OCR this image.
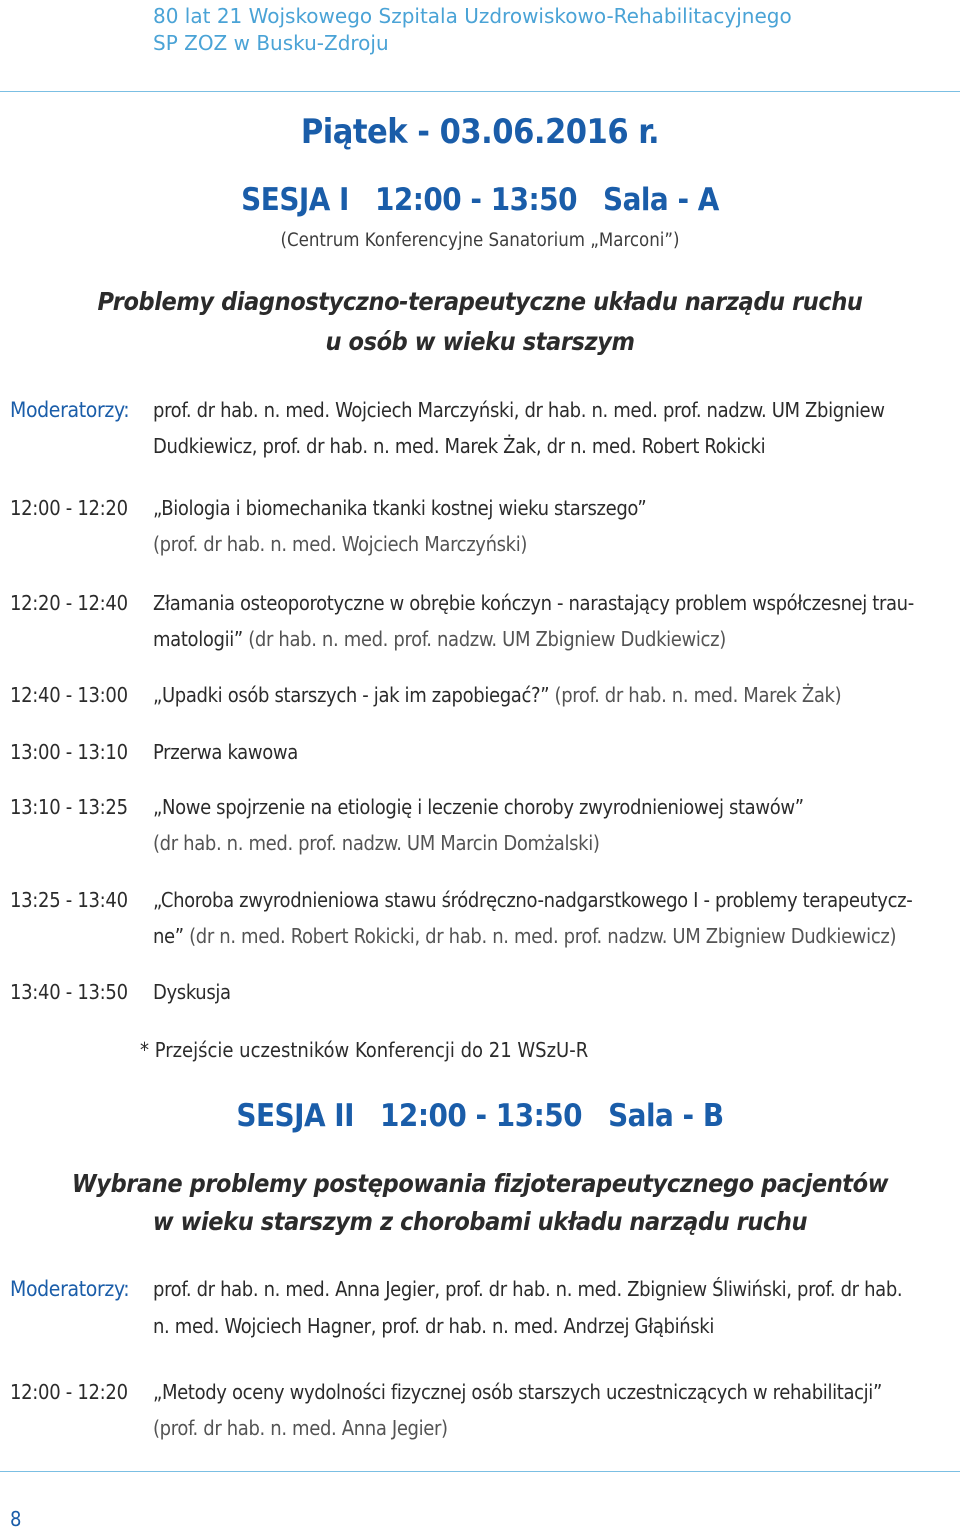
80 lat 21 Wojskowego Szpitala Uzdrowiskowo-Rehabilitacyjnego
SP ZOZ w Busku-Zdroju
Piątek - 03.06.2016 r.
SESJA I 12:00 - 13:50 Sala - A
(Centrum Konferencyjne Sanatorium „Marconi”)
Problemy diagnostyczno-terapeutyczne układu narządu ruchu
u osób w wieku starszym
Moderatorzy: prof. dr hab. n. med. Wojciech Marczyński, dr hab. n. med. prof. nadzw. UM Zbigniew
Dudkiewicz, prof. dr hab. n. med. Marek Żak, dr n. med. Robert Rokicki
12:00 - 12:20 „Biologia i biomechanika tkanki kostnej wieku starszego”
(prof. dr hab. n. med. Wojciech Marczyński)
12:20 - 12:40 Złamania osteoporotyczne w obrębie kończyn - narastający problem współczesnej trau-
matologii” (dr hab. n. med. prof. nadzw. UM Zbigniew Dudkiewicz)
12:40 - 13:00 „Upadki osób starszych - jak im zapobiegać?” (prof. dr hab. n. med. Marek Żak)
13:00 - 13:10 Przerwa kawowa
13:10 - 13:25 „Nowe spojrzenie na etiologię i leczenie choroby zwyrodnieniowej stawów”
(dr hab. n. med. prof. nadzw. UM Marcin Domżalski)
13:25 - 13:40 „Choroba zwyrodnieniowa stawu śródręczno-nadgarstkowego I - problemy terapeutycz-
ne” (dr n. med. Robert Rokicki, dr hab. n. med. prof. nadzw. UM Zbigniew Dudkiewicz)
13:40 - 13:50 Dyskusja
* Przejście uczestników Konferencji do 21 WSzU-R
SESJA II 12:00 - 13:50 Sala - B
Wybrane problemy postępowania fizjoterapeutycznego pacjentów
w wieku starszym z chorobami układu narządu ruchu
Moderatorzy: prof. dr hab. n. med. Anna Jegier, prof. dr hab. n. med. Zbigniew Śliwiński, prof. dr hab.
n. med. Wojciech Hagner, prof. dr hab. n. med. Andrzej Głąbiński
12:00 - 12:20 „Metody oceny wydolności fizycznej osób starszych uczestniczących w rehabilitacji”
(prof. dr hab. n. med. Anna Jegier)
8
